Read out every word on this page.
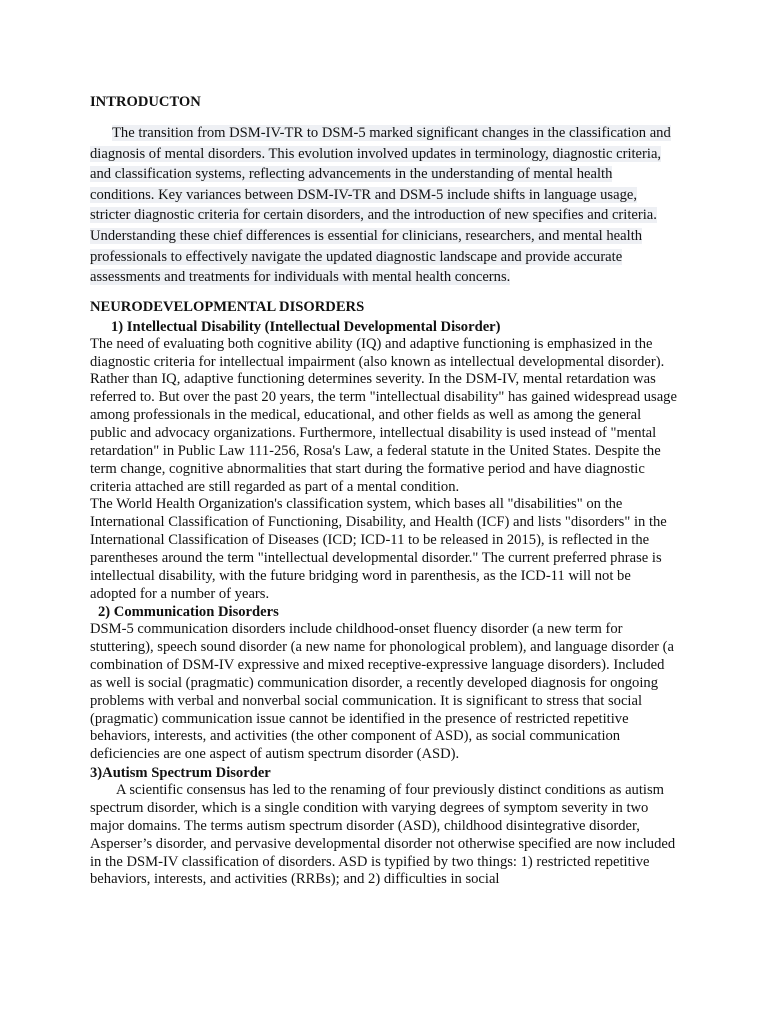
INTRODUCTON

The transition from DSM-IV-TR to DSM-5 marked significant changes in the classification and diagnosis of mental disorders. This evolution involved updates in terminology, diagnostic criteria, and classification systems, reflecting advancements in the understanding of mental health conditions. Key variances between DSM-IV-TR and DSM-5 include shifts in language usage, stricter diagnostic criteria for certain disorders, and the introduction of new specifies and criteria. Understanding these chief differences is essential for clinicians, researchers, and mental health professionals to effectively navigate the updated diagnostic landscape and provide accurate assessments and treatments for individuals with mental health concerns.

NEURODEVELOPMENTAL DISORDERS

1) Intellectual Disability (Intellectual Developmental Disorder)

The need of evaluating both cognitive ability (IQ) and adaptive functioning is emphasized in the diagnostic criteria for intellectual impairment (also known as intellectual developmental disorder). Rather than IQ, adaptive functioning determines severity. In the DSM-IV, mental retardation was referred to. But over the past 20 years, the term "intellectual disability" has gained widespread usage among professionals in the medical, educational, and other fields as well as among the general public and advocacy organizations. Furthermore, intellectual disability is used instead of "mental retardation" in Public Law 111-256, Rosa's Law, a federal statute in the United States. Despite the term change, cognitive abnormalities that start during the formative period and have diagnostic criteria attached are still regarded as part of a mental condition.

The World Health Organization's classification system, which bases all "disabilities" on the International Classification of Functioning, Disability, and Health (ICF) and lists "disorders" in the International Classification of Diseases (ICD; ICD-11 to be released in 2015), is reflected in the parentheses around the term "intellectual developmental disorder." The current preferred phrase is intellectual disability, with the future bridging word in parenthesis, as the ICD-11 will not be adopted for a number of years.

2) Communication Disorders

DSM-5 communication disorders include childhood-onset fluency disorder (a new term for stuttering), speech sound disorder (a new name for phonological problem), and language disorder (a combination of DSM-IV expressive and mixed receptive-expressive language disorders). Included as well is social (pragmatic) communication disorder, a recently developed diagnosis for ongoing problems with verbal and nonverbal social communication. It is significant to stress that social (pragmatic) communication issue cannot be identified in the presence of restricted repetitive behaviors, interests, and activities (the other component of ASD), as social communication deficiencies are one aspect of autism spectrum disorder (ASD).

3)Autism Spectrum Disorder

A scientific consensus has led to the renaming of four previously distinct conditions as autism spectrum disorder, which is a single condition with varying degrees of symptom severity in two major domains. The terms autism spectrum disorder (ASD), childhood disintegrative disorder, Asperser’s disorder, and pervasive developmental disorder not otherwise specified are now included in the DSM-IV classification of disorders. ASD is typified by two things: 1) restricted repetitive behaviors, interests, and activities (RRBs); and 2) difficulties in social
